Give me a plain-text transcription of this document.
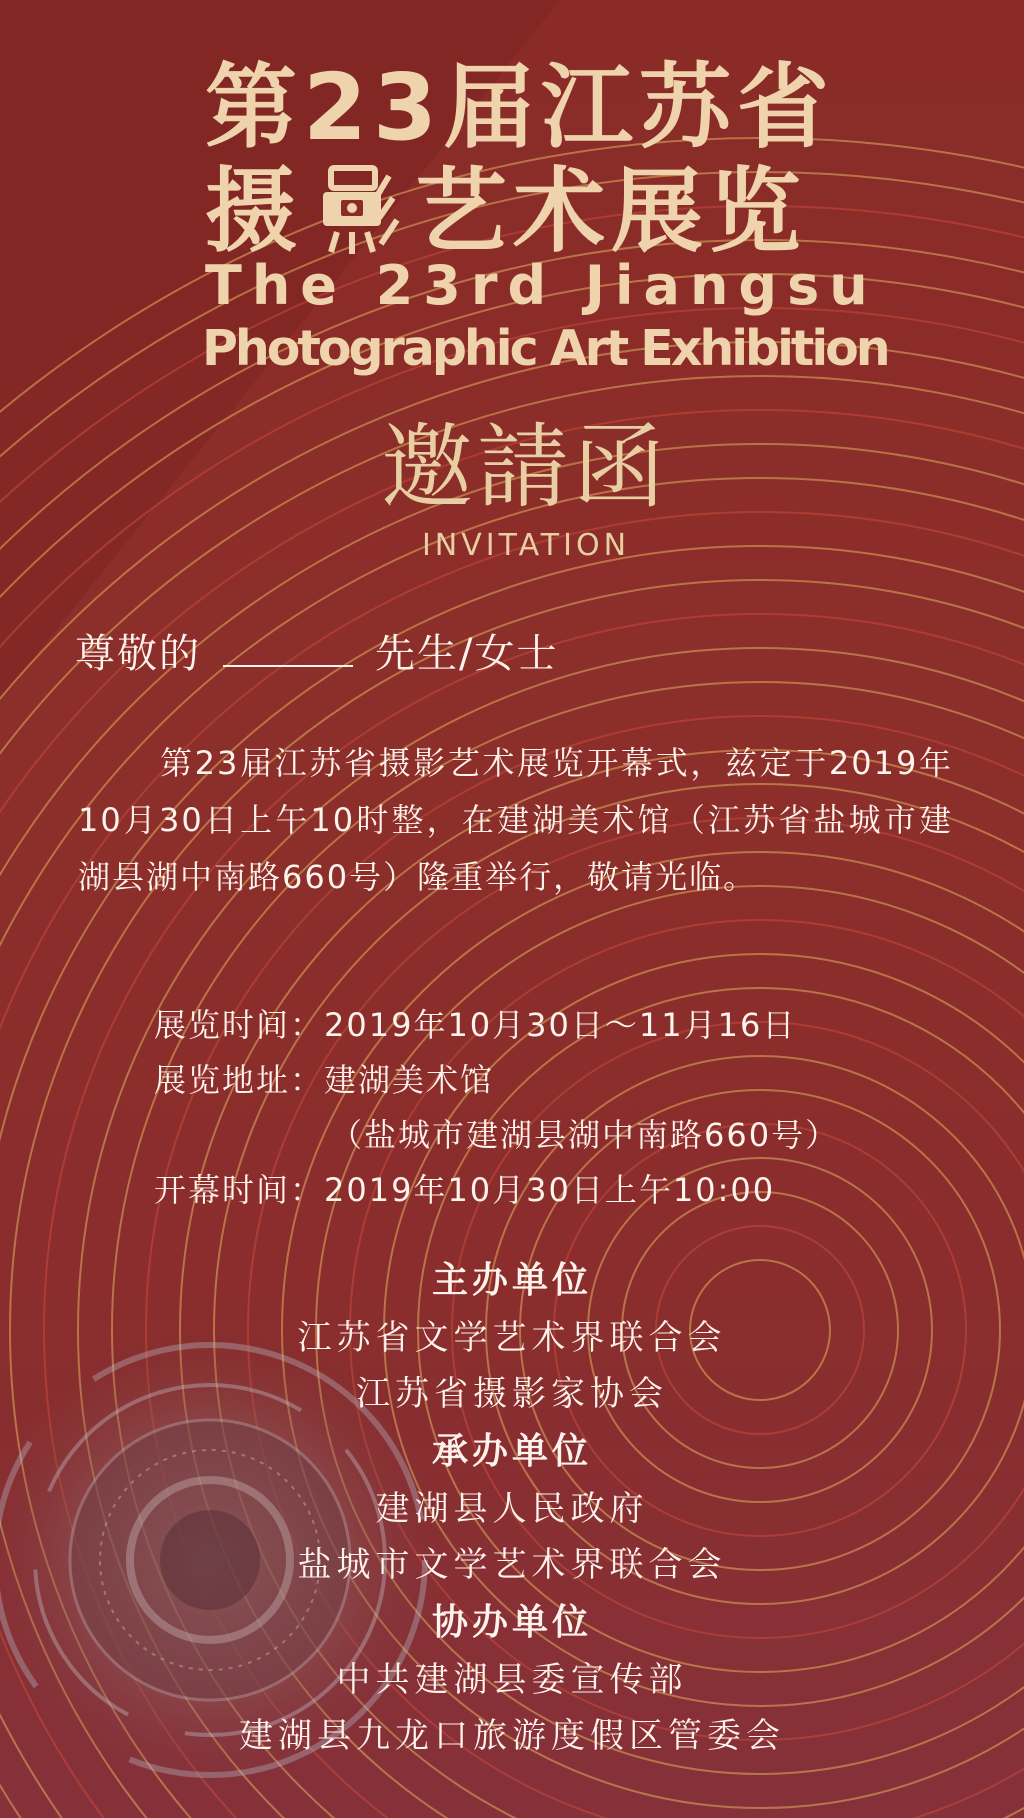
第23届江苏省
摄 艺术展览
The 23rd Jiangsu
Photographic Art Exhibition
邀請函
INVITATION
尊敬的	先生/女士
第23届江苏省摄影艺术展览开幕式，兹定于2019年10月30日上午10时整，在建湖美术馆（江苏省盐城市建湖县湖中南路660号）隆重举行，敬请光临。
展览时间：2019年10月30日～11月16日
展览地址：建湖美术馆
（盐城市建湖县湖中南路660号）
开幕时间：2019年10月30日上午10:00
主办单位
江苏省文学艺术界联合会
江苏省摄影家协会
承办单位
建湖县人民政府
盐城市文学艺术界联合会
协办单位
中共建湖县委宣传部
建湖县九龙口旅游度假区管委会
